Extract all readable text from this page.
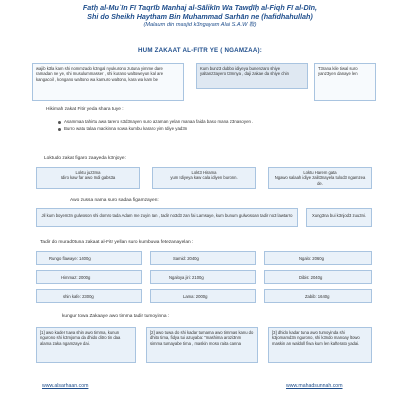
Fatḥ al-Muʿīn Fī Taqrīb Manhaj al-Sālikīn Wa Tawḍīḥ al-Fiqh Fī al-Dīn,
Shi do Sheikh Haytham Bin Muhammad Sarhān ne (hafidhahullah)
(Malaum din masjid k3ngayam Alai S.A.W 鞍)
HUM ZAKAAT AL-FITR YE ( NGAMZAA):
wajib k3la kam shi nommzado k3ngal nyukurono zutuna yimme dare ramadan ne ye, shi musulummasser , shi kurano waltoweyun kal are kangacoil , kongano waltono wa kamuro waltono, kara wa kam be
Kum bunz3 dubbo idiyeya bunenzaro shiye yaltanz3ayero t3mnya , daji zakae da shiye chin
T3rana kile tiwal suro yanz3yen danaye len
Hikimah zakat Fitir yeda shara tuye :
Asammaa tahirtu awa tarero s3d3nayen suro azaman yelan manaa faida baso mana z3nasoyen .
Burro watu talaa mackinna sowa kumbu kararo yim Idiye yad3n
Loktudo zakat figaro zaayeda k3njoye:
Loktu juz3ma
Idiro kaw far awo Indi gabs3a
Lokt3 Hirama
yum Idiyeya kaw cala idiyen buronn.
Loktu Harem gata
Ngawo salaah idiye zalit3nayela tulod3 ngamzea de.
Awo zussa nama suro sadaa figamzayen:
Jil kum boyem3n gulwoson shi domro tada Adam me zuyin Ian , tadir no3d3 zan fai Lamsaye, kum bunum gulwosoan tadir no3 lawtarro	Xung3na bui k3njod3 zuu3ni.
Tadir do murad0tuna zakaat al-Fitr yellan suro kumbuwa fetezanayelan :
Rungo flawaye: 1400g	Samid: 2040g	Ngalo: 2060g
Himmaz: 2000g	Ngaloya jiri: 2100g	Dibis: 2040g
shin kafe: 2300g	Lama: 2000g	Zabib: 1640g
kungur towa Zakaaye awo timma tadir tumoyinna :
[1] awo kader tuwa shin awo timma, kunun ngurono shi k3mjoma da dhido ditro tin daa alama zaka ngamzaye dai.
[2] awo tuwa do shi kadar tumama awo timmas kanu do dhito tima, fidya tui azuyaba: "mashima arozi3nm simma tumayabe tima , maskin moso raita canna
[3] dhido kadar tuna awo tumoyinda shi k3jomamd3n ngurono, shi k3ndo manoay ltowo maskin an waldoll fiwa kum len kafterato yadai.
www.alsarhaan.com	www.mahadsunnah.com
